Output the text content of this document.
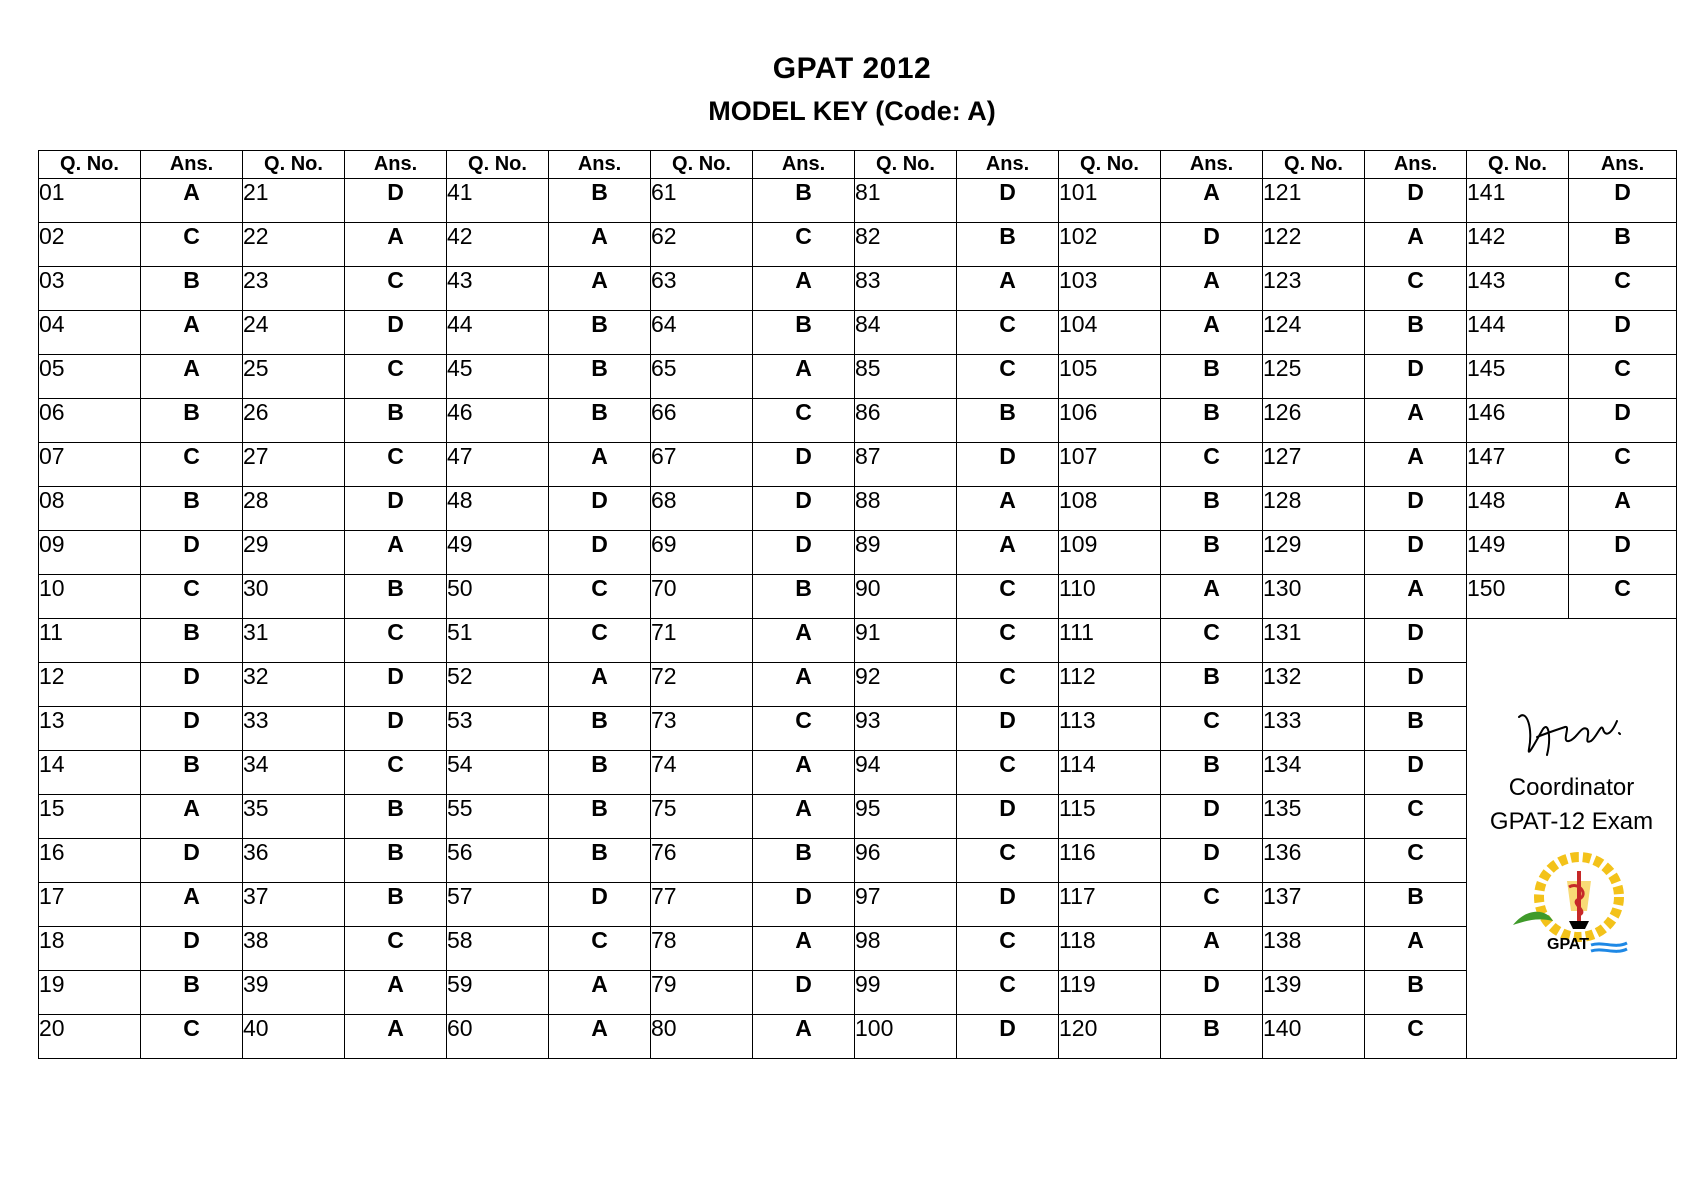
GPAT 2012
MODEL KEY (Code: A)
Q. No.	Ans.	Q. No.	Ans.	Q. No.	Ans.	Q. No.	Ans.	Q. No.	Ans.	Q. No.	Ans.	Q. No.	Ans.	Q. No.	Ans.
01	A	21	D	41	B	61	B	81	D	101	A	121	D	141	D
02	C	22	A	42	A	62	C	82	B	102	D	122	A	142	B
03	B	23	C	43	A	63	A	83	A	103	A	123	C	143	C
04	A	24	D	44	B	64	B	84	C	104	A	124	B	144	D
05	A	25	C	45	B	65	A	85	C	105	B	125	D	145	C
06	B	26	B	46	B	66	C	86	B	106	B	126	A	146	D
07	C	27	C	47	A	67	D	87	D	107	C	127	A	147	C
08	B	28	D	48	D	68	D	88	A	108	B	128	D	148	A
09	D	29	A	49	D	69	D	89	A	109	B	129	D	149	D
10	C	30	B	50	C	70	B	90	C	110	A	130	A	150	C
11	B	31	C	51	C	71	A	91	C	111	C	131	D	Coordinator
GPAT-12 Exam
GPAT	

12	D	32	D	52	A	72	A	92	C	112	B	132	D		
13	D	33	D	53	B	73	C	93	D	113	C	133	B		
14	B	34	C	54	B	74	A	94	C	114	B	134	D		
15	A	35	B	55	B	75	A	95	D	115	D	135	C		
16	D	36	B	56	B	76	B	96	C	116	D	136	C		
17	A	37	B	57	D	77	D	97	D	117	C	137	B		
18	D	38	C	58	C	78	A	98	C	118	A	138	A		
19	B	39	A	59	A	79	D	99	C	119	D	139	B		
20	C	40	A	60	A	80	A	100	D	120	B	140	C		
